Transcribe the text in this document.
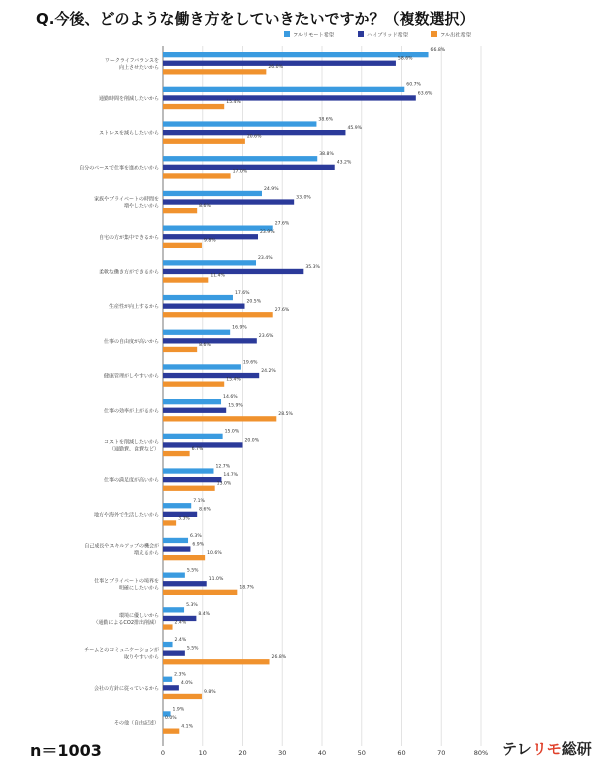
Q.今後、どのような働き方をしていきたいですか？（複数選択）
ワークライフバランスを
向上させたいから
通勤時間を削減したいから
ストレスを減らしたいから
自分のペースで仕事を進めたいから
家族やプライベートの時間を
増やしたいから
自宅の方が集中できるから
柔軟な働き方ができるから
生産性が向上するから
仕事の自由度が高いから
健康管理がしやすいから
仕事の効率が上がるから
コストを削減したいから
（通勤費、食費など）
仕事の満足度が高いから
地方や海外で生活したいから
自己成長やスキルアップの機会が
増えるから
仕事とプライベートの境界を
明確にしたいから
環境に優しいから
（通勤によるCO2排出削減）
チームとのコミュニケーションが
取りやすいから
会社の方針に従っているから
その他（自由記述）
66.8%
58.6%
26.0%
60.7%
63.6%
15.4%
38.6%
45.9%
20.6%
38.8%
43.2%
17.0%
24.9%
33.0%
8.6%
27.6%
23.9%
9.8%
23.4%
35.3%
11.4%
17.6%
20.5%
27.6%
16.9%
23.6%
8.6%
19.6%
24.2%
15.4%
14.6%
15.9%
28.5%
15.0%
20.0%
6.7%
12.7%
14.7%
13.0%
7.1%
8.6%
3.3%
6.3%
6.9%
10.6%
5.5%
11.0%
18.7%
5.3%
8.4%
2.4%
2.4%
5.5%
26.8%
2.3%
4.0%
9.8%
1.9%
0.0%
4.1%
0	10	20	30	40	50	60	70	80%
フルリモート希望	ハイブリッド希望	フル出社希望
n＝1003	テレリモ総研
